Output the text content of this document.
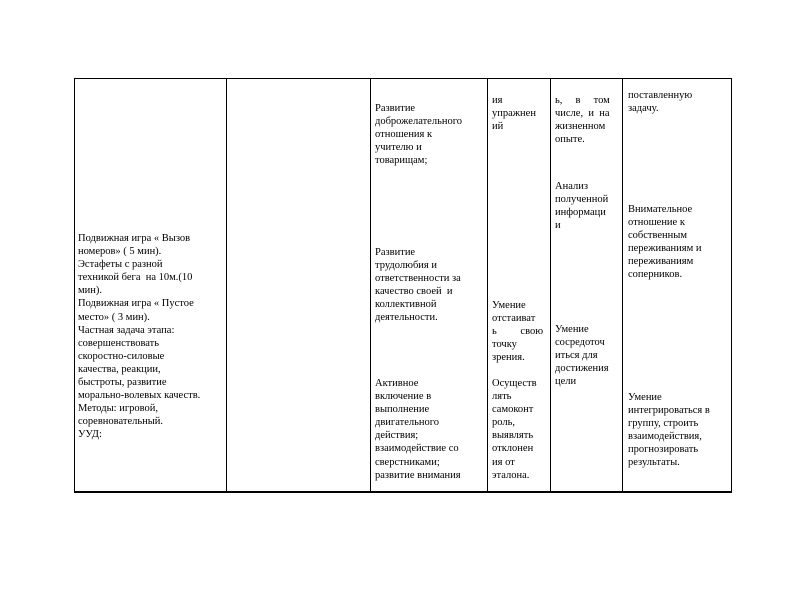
Подвижная игра « Вызов
номеров» ( 5 мин).
Эстафеты с разной
техникой бега  на 10м.(10
мин).
Подвижная игра « Пустое
место» ( 3 мин).
Частная задача этапа:
совершенствовать
скоростно-силовые
качества, реакции,
быстроты, развитие
морально-волевых качеств.
Методы: игровой,
соревновательный.
УУД:
Развитие
доброжелательного
отношения к
учителю и
товарищам;
Развитие
трудолюбия и
ответственности за
качество своей  и
коллективной
деятельности.
Активное
включение в
выполнение
двигательного
действия;
взаимодействие со
сверстниками;
развитие внимания
ия
упражнен
ий
Умение
отстаиват
ь         свою
точку
зрения.
Осуществ
лять
самоконт
роль,
выявлять
отклонен
ия от
эталона.
ь,     в     том
числе,  и  на
жизненном
опыте.
Анализ
полученной
информаци
и
Умение
сосредоточ
иться для
достижения
цели
поставленную
задачу.
Внимательное
отношение к
собственным
переживаниям и
переживаниям
соперников.
Умение
интегрироваться в
группу, строить
взаимодействия,
прогнозировать
результаты.
